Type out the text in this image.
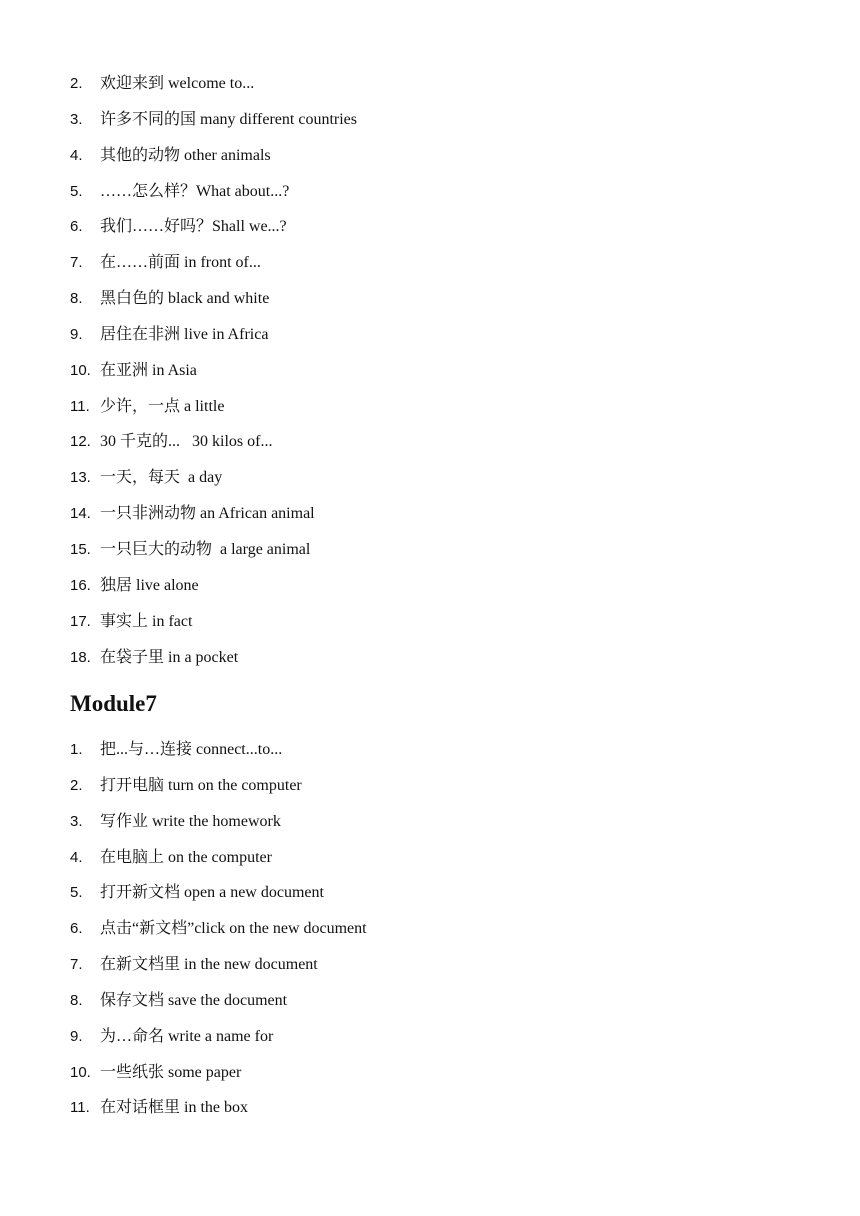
2.	欢迎来到 welcome to...
3.	许多不同的国 many different countries
4.	其他的动物 other animals
5.	……怎么样？What about...?
6.	我们……好吗？Shall we...?
7.	在……前面 in front of...
8.	黑白色的 black and white
9.	居住在非洲 live in Africa
10. 在亚洲 in Asia
11. 少许，一点 a little
12. 30 千克的...   30 kilos of...
13. 一天，每天  a day
14. 一只非洲动物 an African animal
15. 一只巨大的动物  a large animal
16. 独居 live alone
17. 事实上 in fact
18. 在袋子里 in a pocket
Module7
1.	把...与…连接 connect...to...
2.	打开电脑 turn on the computer
3.	写作业 write the homework
4.	在电脑上 on the computer
5.	打开新文档 open a new document
6.	点击“新文档”click on the new document
7.	在新文档里 in the new document
8.	保存文档 save the document
9.	为…命名 write a name for
10. 一些纸张 some paper
11. 在对话框里 in the box
